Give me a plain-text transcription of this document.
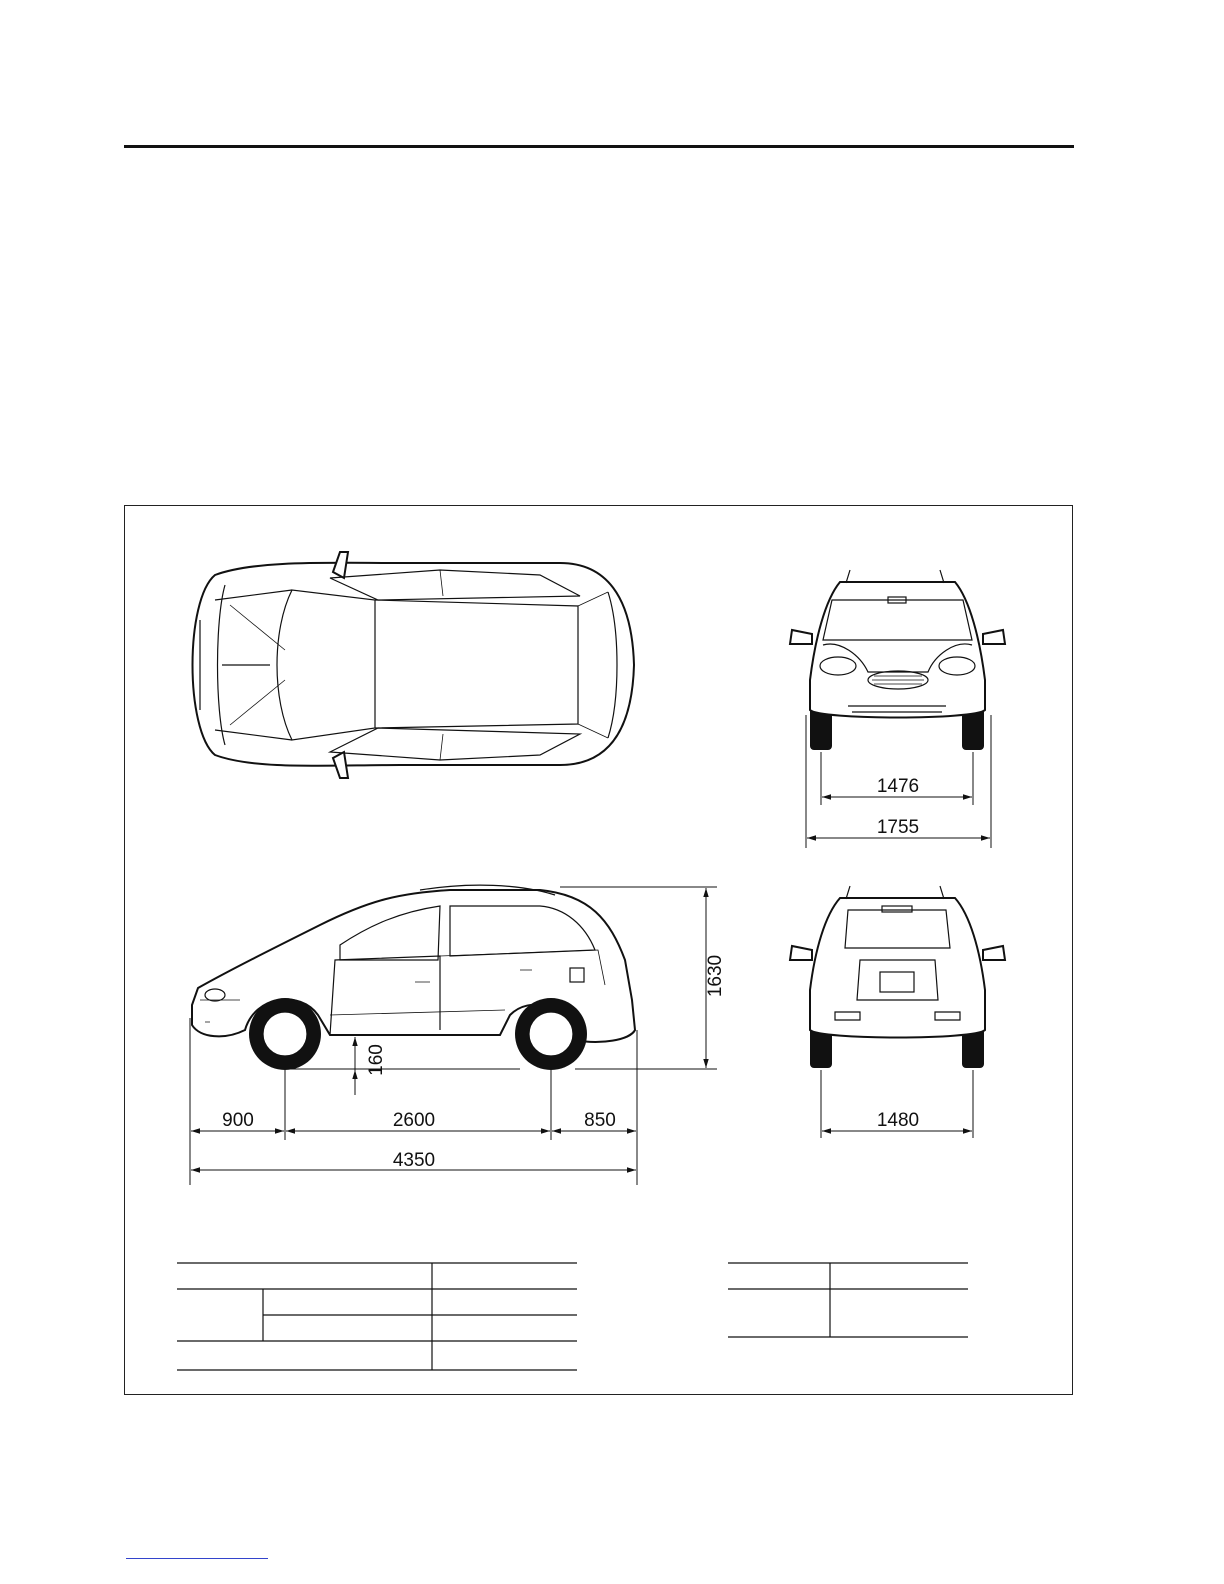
1476
1755
1630
160
900	2600	850
4350
1480
